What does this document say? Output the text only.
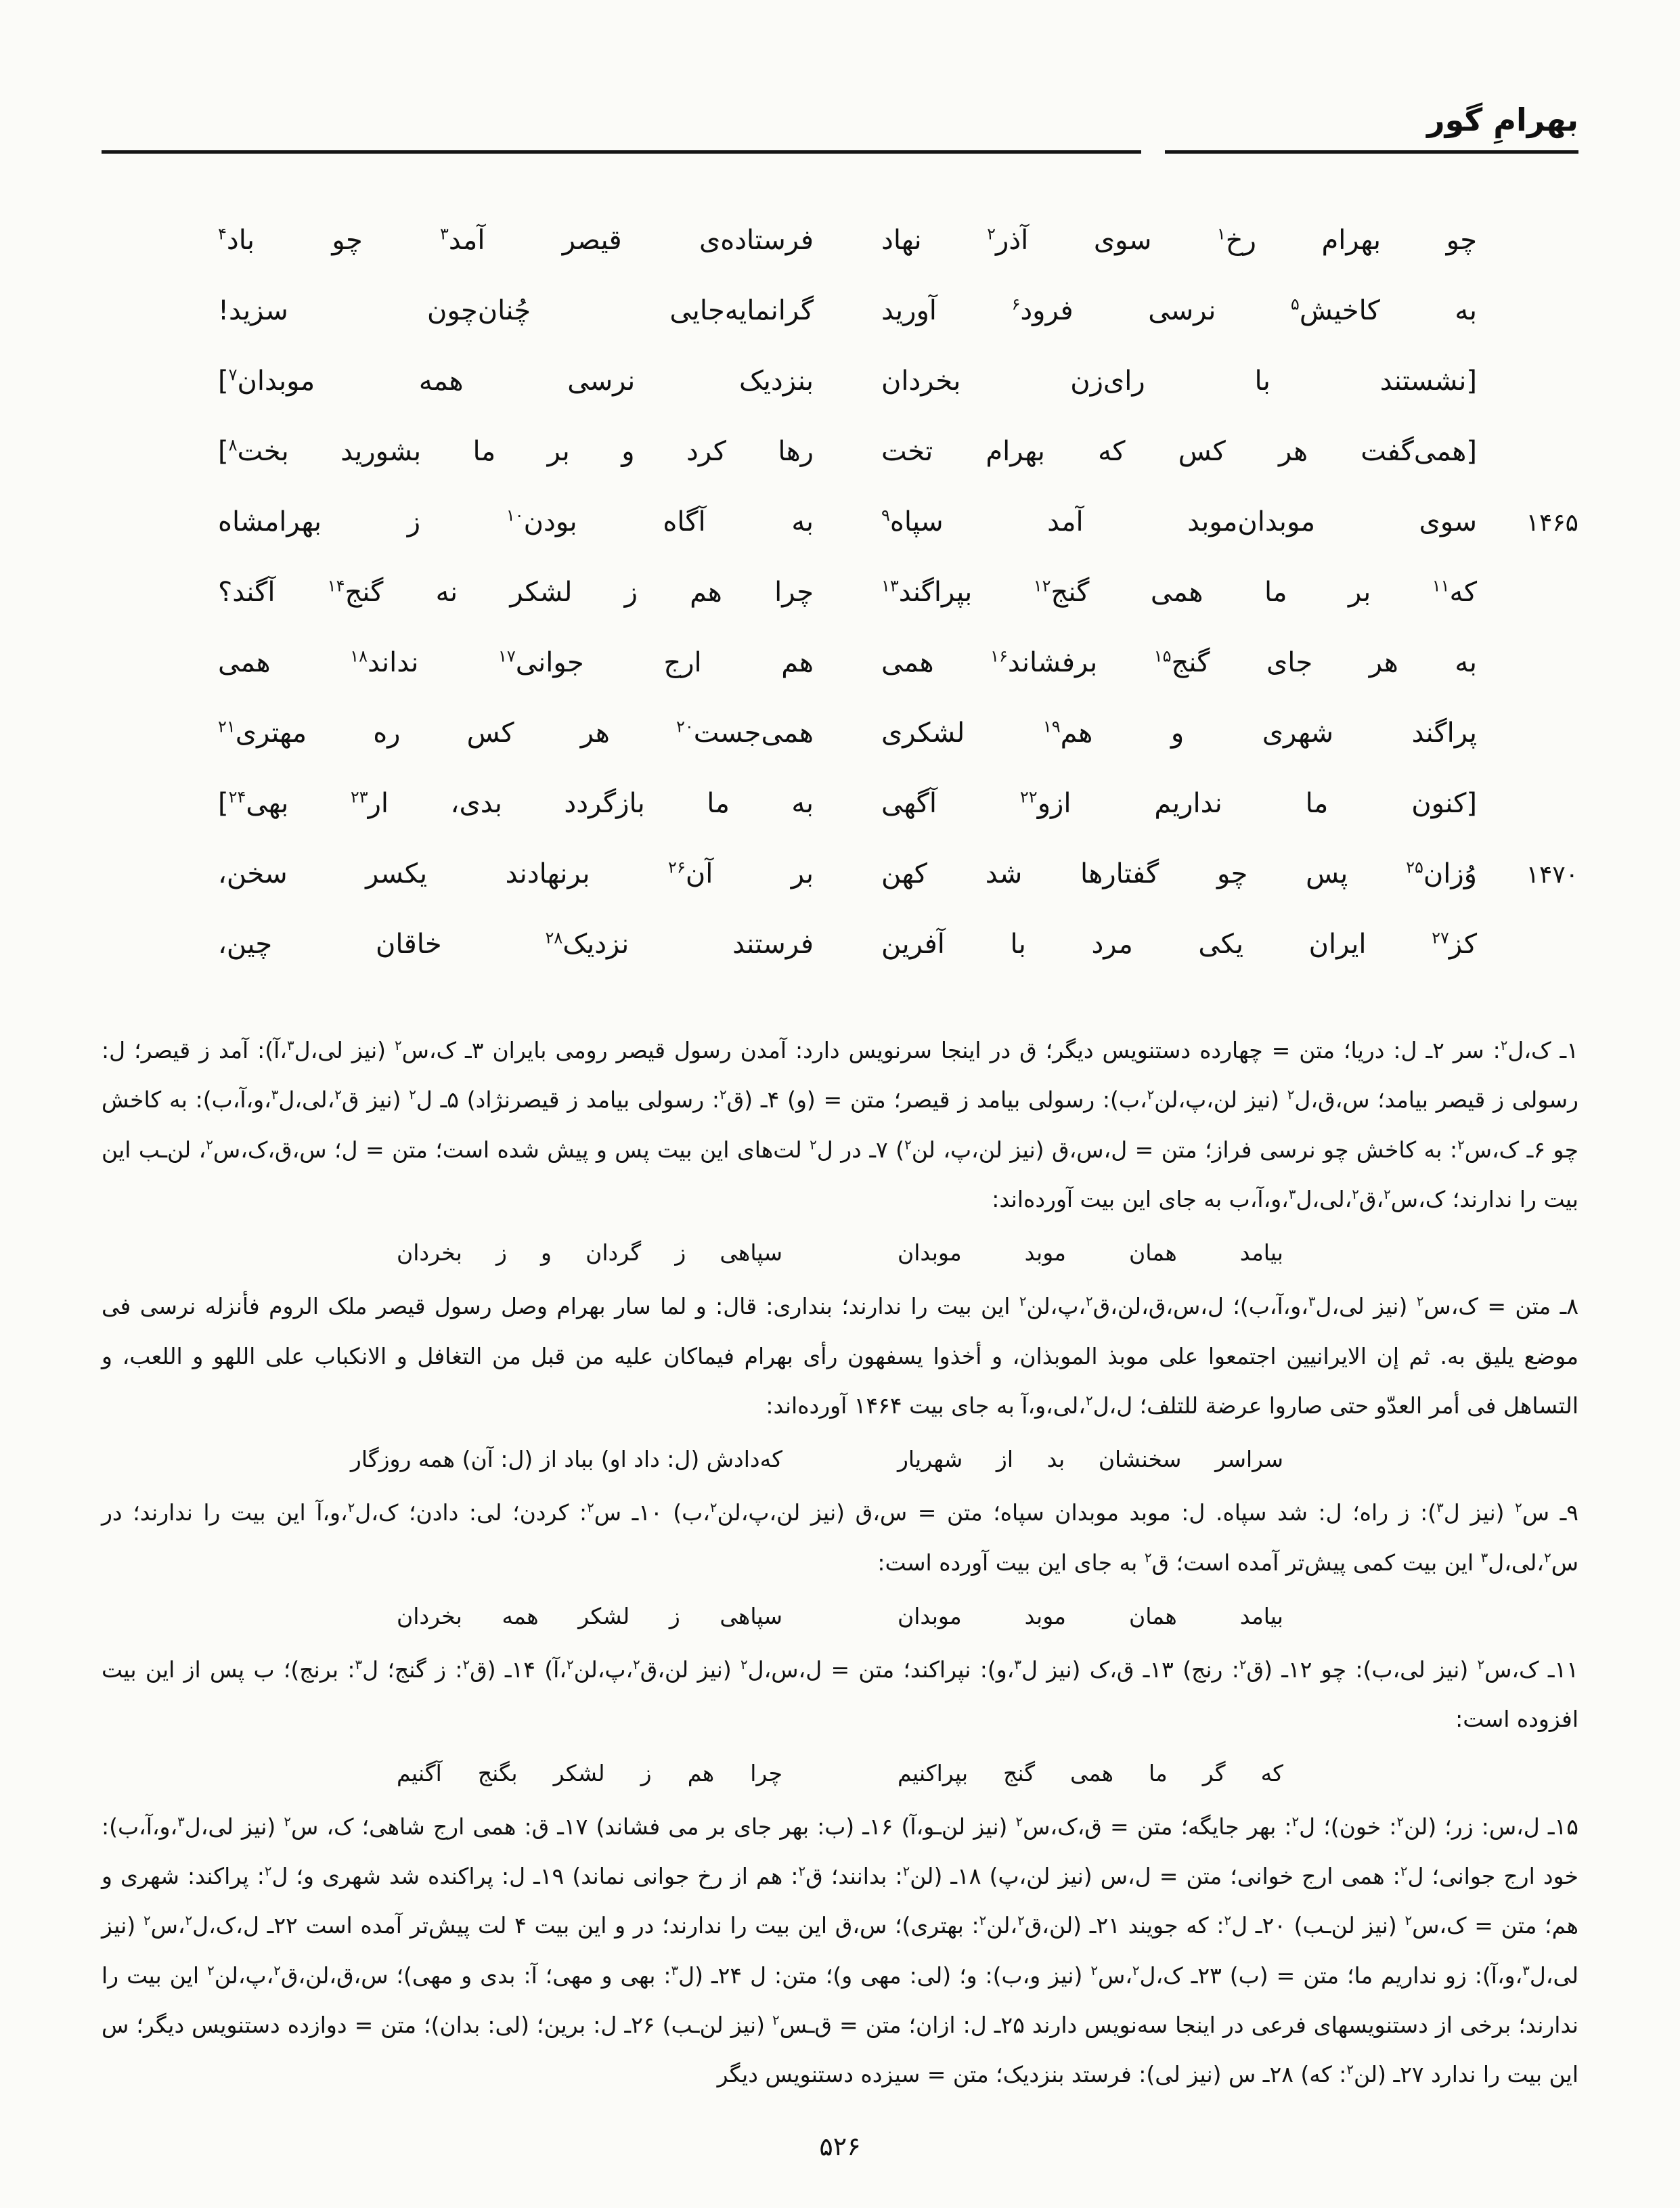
بهرامِ گور
چو بهرام رخ$^۱$ سوی آذر$^۲$ نهاد
فرستاده‌ی قیصر آمد$^۳$ چو باد$^۴$
به کاخیش$^۵$ نرسی فرود$^۶$ آورید
گرانمایه‌جایی چُنان‌چون سزید!
[نشستند با رای‌زن بخردان
بنزدیک نرسی همه موبدان$^۷$]
[همی‌گفت هر کس که بهرام تخت
رها کرد و بر ما بشورید بخت$^۸$]
۱۴۶۵
سوی موبدان‌موبد آمد سپاه$^۹$
به آگاه بودن$^{۱۰}$ ز بهرامشاه
که$^{۱۱}$ بر ما همی گنج$^{۱۲}$ بپراگند$^{۱۳}$
چرا هم ز لشکر نه گنج$^{۱۴}$ آگند؟
به هر جای گنج$^{۱۵}$ برفشاند$^{۱۶}$ همی
هم ارج جوانی$^{۱۷}$ نداند$^{۱۸}$ همی
پراگند شهری و هم$^{۱۹}$ لشکری
همی‌جست$^{۲۰}$ هر کس ره مهتری$^{۲۱}$
[کنون ما نداریم ازو$^{۲۲}$ آگهی
به ما بازگردد بدی، ار$^{۲۳}$ بهی$^{۲۴}$]
۱۴۷۰
وُزان$^{۲۵}$ پس چو گفتارها شد کهن
بر آن$^{۲۶}$ برنهادند یکسر سخن،
کز$^{۲۷}$ ایران یکی مرد با آفرین
فرستند نزدیک$^{۲۸}$ خاقان چین،

۱ـ ک،ل$^۲$: سر ۲ـ ل: دریا؛ متن = چهارده دستنویس دیگر؛ ق در اینجا سرنویس دارد: آمدن رسول قیصر رومی بایران ۳ـ ک،س$^۲$ (نیز لی،ل$^۳$،آ): آمد ز قیصر؛ ل: رسولی ز قیصر بیامد؛ س،ق،ل$^۲$ (نیز لن،پ،لن$^۲$،ب): رسولی بیامد ز قیصر؛ متن = (و) ۴ـ (ق$^۲$: رسولی بیامد ز قیصرنژاد) ۵ـ ل$^۲$ (نیز ق$^۲$،لی،ل$^۳$،و،آ،ب): به کاخش چو ۶ـ ک،س$^۲$: به کاخش چو نرسی فراز؛ متن = ل،س،ق (نیز لن،پ، لن$^۲$) ۷ـ در ل$^۲$ لت‌های این بیت پس و پیش شده است؛ متن = ل؛ س،ق،ک،س$^۲$، لن‌ـب این بیت را ندارند؛ ک،س$^۲$،ق$^۲$،لی،ل$^۳$،و،آ،ب به جای این بیت آورده‌اند:

بیامد همان موبد موبدان
سپاهی ز گردان و ز بخردان

۸ـ متن = ک،س$^۲$ (نیز لی،ل$^۳$،و،آ،ب)؛ ل،س،ق،لن،ق$^۲$،پ،لن$^۲$ این بیت را ندارند؛ بنداری: قال: و لما سار بهرام وصل رسول قیصر ملک الروم فأنزله نرسی فی موضع یلیق به. ثم إن الایرانیین اجتمعوا علی موبذ الموبذان، و أخذوا یسفهون رأی بهرام فیماکان علیه من قبل من التغافل و الانکباب علی اللهو و اللعب، و التساهل فی أمر العدّو حتی صاروا عرضة للتلف؛ ل،ل$^۲$،لی،و،آ به جای بیت ۱۴۶۴ آورده‌اند:

سراسر سخنشان بد از شهریار
که‌دادش (ل: داد او) بباد از (ل: آن) همه روزگار

۹ـ س$^۲$ (نیز ل$^۳$): ز راه؛ ل: شد سپاه. ل: موبد موبدان سپاه؛ متن = س،ق (نیز لن،پ،لن$^۲$،ب) ۱۰ـ س$^۲$: کردن؛ لی: دادن؛ ک،ل$^۲$،و،آ این بیت را ندارند؛ در س$^۲$،لی،ل$^۳$ این بیت کمی پیش‌تر آمده است؛ ق$^۲$ به جای این بیت آورده است:

بیامد همان موبد موبدان
سپاهی ز لشکر همه بخردان

۱۱ـ ک،س$^۲$ (نیز لی،ب): چو ۱۲ـ (ق$^۲$: رنج) ۱۳ـ ق،ک (نیز ل$^۳$،و): نپراکند؛ متن = ل،س،ل$^۲$ (نیز لن،ق$^۲$،پ،لن$^۲$،آ) ۱۴ـ (ق$^۲$: ز گنج؛ ل$^۳$: برنج)؛ ب پس از این بیت افزوده است:

که گر ما همی گنج بپراکنیم
چرا هم ز لشکر بگنج آگنیم

۱۵ـ ل،س: زر؛ (لن$^۲$: خون)؛ ل$^۲$: بهر جایگه؛ متن = ق،ک،س$^۲$ (نیز لن‌ـو،آ) ۱۶ـ (ب: بهر جای بر می فشاند) ۱۷ـ ق: همی ارج شاهی؛ ک، س$^۲$ (نیز لی،ل$^۳$،و،آ،ب): خود ارج جوانی؛ ل$^۲$: همی ارج خوانی؛ متن = ل،س (نیز لن،پ) ۱۸ـ (لن$^۲$: بدانند؛ ق$^۲$: هم از رخ جوانی نماند) ۱۹ـ ل: پراکنده شد شهری و؛ ل$^۲$: پراکند: شهری و هم؛ متن = ک،س$^۲$ (نیز لن‌ـب) ۲۰ـ ل$^۲$: که جویند ۲۱ـ (لن،ق$^۲$،لن$^۲$: بهتری)؛ س،ق این بیت را ندارند؛ در و این بیت ۴ لت پیش‌تر آمده است ۲۲ـ ل،ک،ل$^۲$،س$^۲$ (نیز لی،ل$^۳$،و،آ): زو نداریم ما؛ متن = (ب) ۲۳ـ ک،ل$^۲$،س$^۲$ (نیز و،ب): و؛ (لی: مهی و)؛ متن: ل ۲۴ـ (ل$^۳$: بهی و مهی؛ آ: بدی و مهی)؛ س،ق،لن،ق$^۲$،پ،لن$^۲$ این بیت را ندارند؛ برخی از دستنویسهای فرعی در اینجا سه‌نویس دارند ۲۵ـ ل: ازان؛ متن = ق‌ـس$^۲$ (نیز لن‌ـب) ۲۶ـ ل: برین؛ (لی: بدان)؛ متن = دوازده دستنویس دیگر؛ س این بیت را ندارد ۲۷ـ (لن$^۲$: که) ۲۸ـ س (نیز لی): فرستد بنزدیک؛ متن = سیزده دستنویس دیگر

۵۲۶
